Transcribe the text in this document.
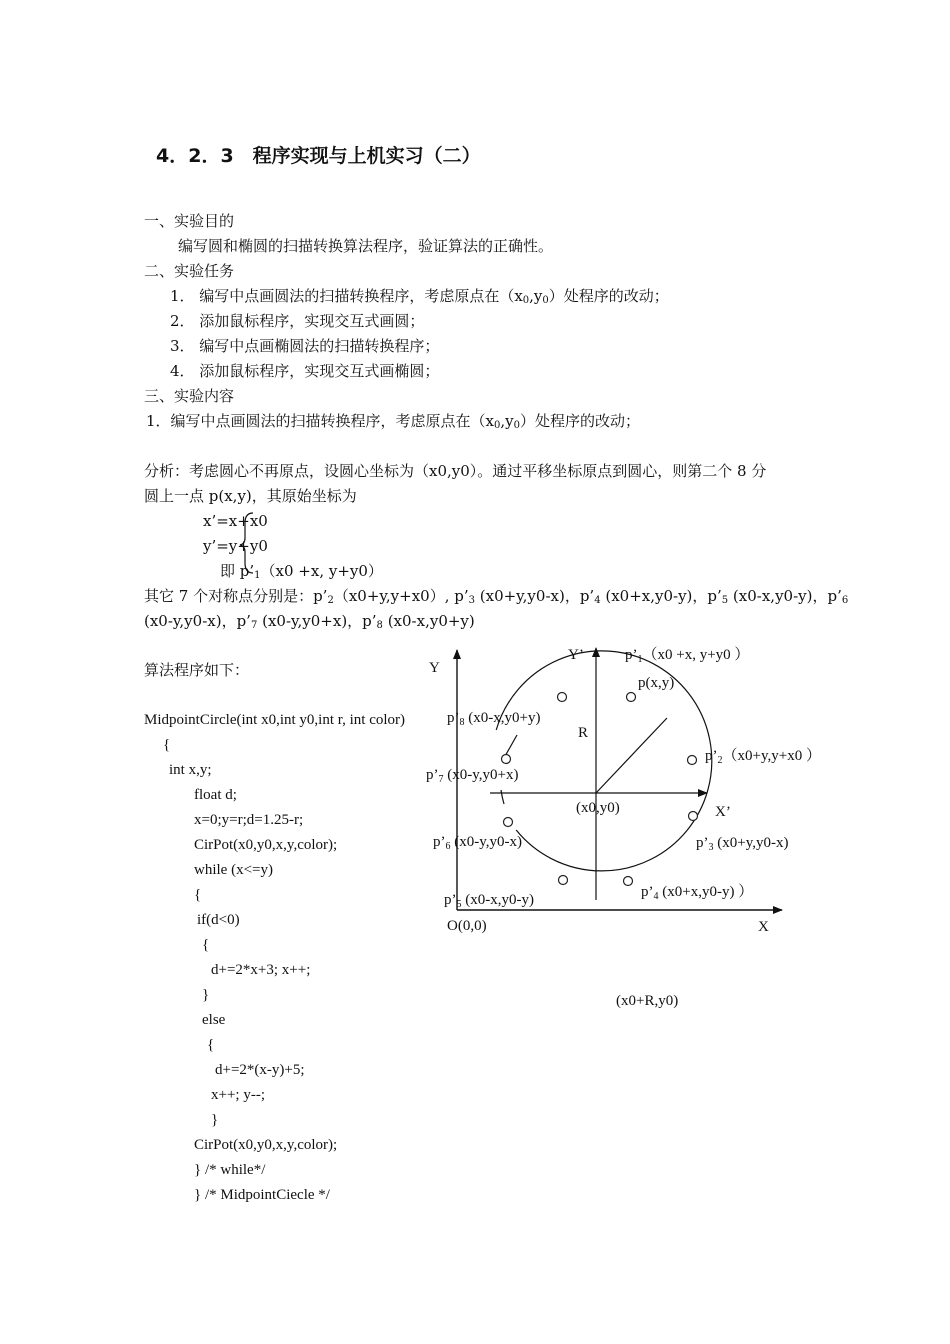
4．2．3　程序实现与上机实习（二）
一、实验目的
编写圆和椭圆的扫描转换算法程序，验证算法的正确性。
二、实验任务
1． 编写中点画圆法的扫描转换程序，考虑原点在$(x_0,y_0)$处程序的改动；
2． 添加鼠标程序，实现交互式画圆；
3． 编写中点画椭圆法的扫描转换程序；
4． 添加鼠标程序，实现交互式画椭圆；
三、实验内容
1．编写中点画圆法的扫描转换程序，考虑原点在$(x_0,y_0)$处程序的改动；
分析：考虑圆心不再原点，设圆心坐标为（x0,y0）。通过平移坐标原点到圆心，则第二个 8 分
圆上一点 p(x,y)，其原始坐标为
x’=x+x0
y’=y+y0
即 $p’_1(x0 +x$, y+y0）
其它 7 个对称点分别是：$p’_2(x0+y,y+x0)$, $p’_3$ (x0+y,y0-x)，$p’_4$ (x0+x,y0-y)，$p’_5$ (x0-x,y0-y)，$p’_6$
(x0-y,y0-x)，$p’_7$ (x0-y,y0+x)，$p’_8$ (x0-x,y0+y)
算法程序如下：
MidpointCircle(int x0,int y0,int r, int color)
{
int x,y;
float d;
x=0;y=r;d=1.25-r;
CirPot(x0,y0,x,y,color);
while (x<=y)
{
if(d<0)
{
d+=2*x+3; x++;
}
else
{
d+=2*(x-y)+5;
x++; y--;
}
CirPot(x0,y0,x,y,color);
} /* while*/
} /* MidpointCiecle */
Y
X
O(0,0)
Y’
X’
(x0,y0)
R
p(x,y)
$p’_1(x0 +x$, y+y0 ）
$p’_8$ (x0-x,y0+y)
$p’_2(x0+y,y+x0$ ）
$p’_7$ (x0-y,y0+x)
$p’_6$ (x0-y,y0-x)	$p’_3$ (x0+y,y0-x)
$p’_4$ (x0+x,y0-y) ）
$p’_5$ (x0-x,y0-y)
(x0+R,y0)
